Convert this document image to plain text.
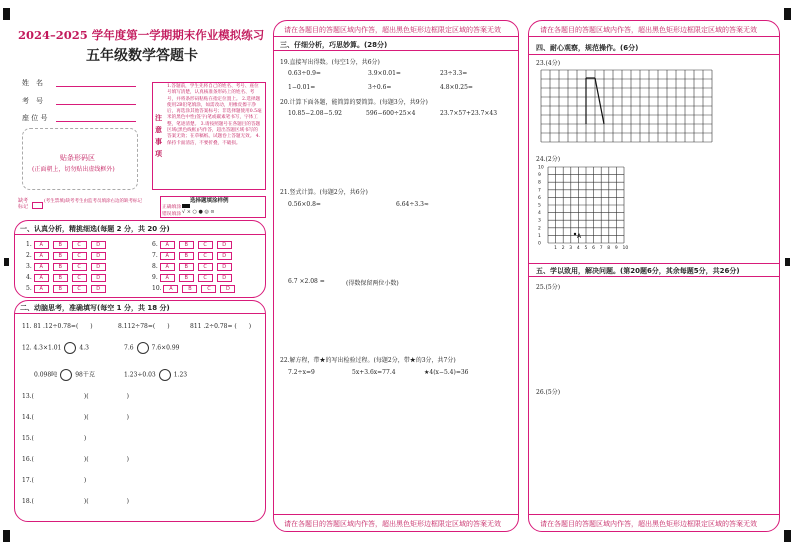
2024–2025 学年度第一学期期末作业模拟练习
五年级数学答题卡
姓　名
考　号
座 位 号
贴条形码区
(正面朝上，切勿贴出虚线框外)
注意事项
1.答题前，学生先将自己的姓名、考号、座位号填写清楚，认真核准条形码上的姓名、考号，并将条形码粘贴在指定位置上。 2.选择题使用2B铅笔填涂，如需改动，用橡皮擦干净后，再选涂其他答案标号；非选择题使用0.5毫米的黑色中性(签字)笔或碳素笔书写，字体工整，笔迹清楚。 3.请按照题号在各题目的答题区域(黑色线框)内作答，超出答题区域书写的答案无效；在草稿纸、试题卷上答题无效。 4.保持卡面清洁，不要折叠，不破损。
缺考标记
(考生禁填)缺考考生由监考员填涂右边的缺考标记	选择题填涂样例
正确填涂
错误填涂 √ × ○ ● ◎ ⊙
一、认真分析，精挑细选(每题 2 分，共 20 分)
1. A	B	C	D
2. A	B	C	D
3. A	B	C	D
4. A	B	C	D
5. A	B	C	D
6. A	B	C	D
7. A	B	C	D
8. A	B	C	D
9. A	B	C	D
10. A	B	C	D
二、动脑思考，准确填写(每空 1 分，共 18 分)
11. 81 .12÷0.78=(　　)	8.112÷78=(　　)	811 .2÷0.78= (　　)
12. 4.3×1.01	4.3	7.6	7.6×0.99
0.098吨	98千克	1.23÷0.03	1.23
13.(	)(	)
14.(	)(	)
15.(	)
16.(	)(	)
17.(	)
18.(	)(	)
请在各题目的答题区域内作答，超出黑色矩形边框限定区域的答案无效
请在各题目的答题区域内作答，超出黑色矩形边框限定区域的答案无效
三、仔细分析，巧思妙算。(28分)
19.直接写出得数。(每空1分，共6分)
0.63÷0.9=	3.9×0.01=	23÷3.3=
1−0.01=	3÷0.6=	4.8×0.25=
20.计算下面各题，能简算的要简算。(每题3分，共9分)
10.85−2.08−5.92	596−600÷25×4	23.7×57+23.7×43
21.竖式计算。(每题2分，共6分)
0.56×0.8=	6.64÷3.3≈
6.7 ×2.08 =	(得数保留两位小数)
22.解方程，带★的写出检验过程。(每题2分，带★的3分，共7分)
7.2÷x=9	5x+3.6x=77.4	★4(x−5.4)=36
请在各题目的答题区域内作答，超出黑色矩形边框限定区域的答案无效
请在各题目的答题区域内作答，超出黑色矩形边框限定区域的答案无效
四、耐心观察，规范操作。(6分)
23.(4分)
24.(2分)
10
9
8
7
6
5
4
3
2
1
0
1 2 3 4 5 6 7 8 9 10
A
五、学以致用，解决问题。(第20题6分，其余每题5分，共26分)
25.(5分)
26.(5分)
